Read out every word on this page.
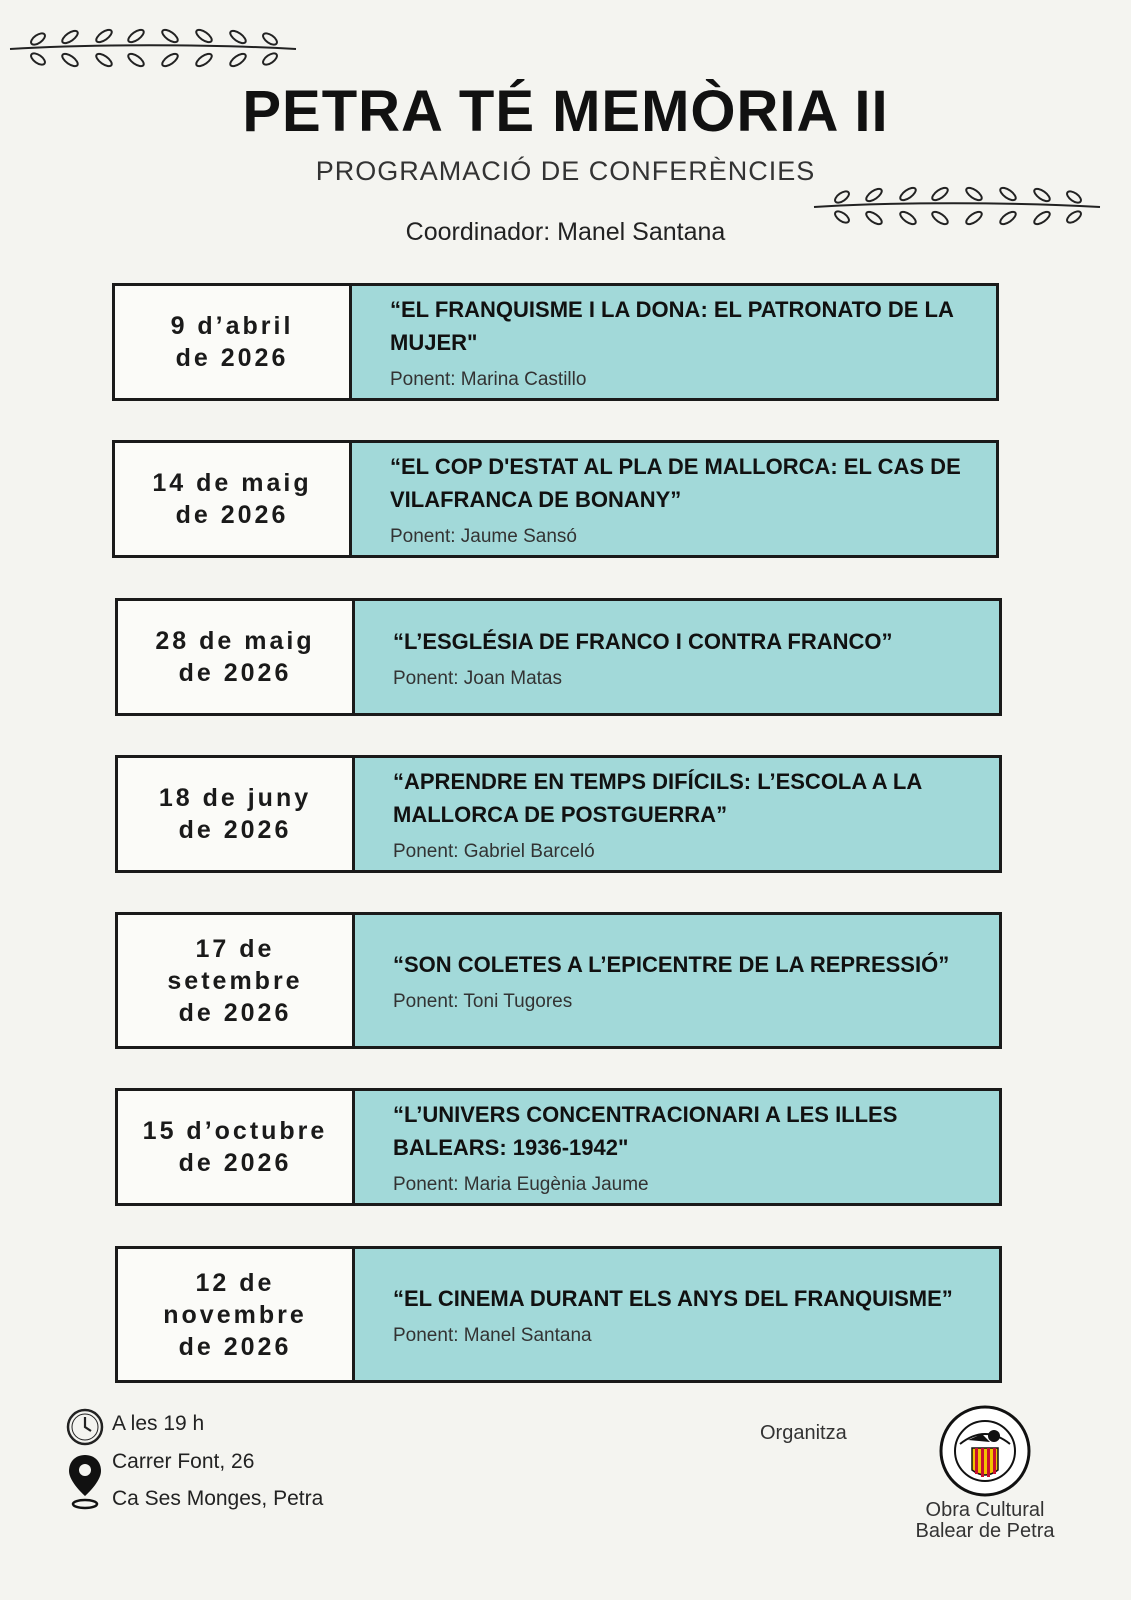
PETRA TÉ MEMÒRIA II
PROGRAMACIÓ DE CONFERÈNCIES
Coordinador: Manel Santana
9 d’abril
de 2026
“EL FRANQUISME I LA DONA: EL PATRONATO DE LA MUJER"
Ponent: Marina Castillo
14 de maig
de 2026
“EL COP D'ESTAT AL PLA DE MALLORCA: EL CAS DE VILAFRANCA DE BONANY”
Ponent: Jaume Sansó
28 de maig
de 2026
“L’ESGLÉSIA DE FRANCO I CONTRA FRANCO”
Ponent: Joan Matas
18 de juny
de 2026
“APRENDRE EN TEMPS DIFÍCILS: L’ESCOLA A LA MALLORCA DE POSTGUERRA”
Ponent: Gabriel Barceló
17 de
setembre
de 2026
“SON COLETES A L’EPICENTRE DE LA REPRESSIÓ”
Ponent: Toni Tugores
15 d’octubre
de 2026
“L’UNIVERS CONCENTRACIONARI A LES ILLES BALEARS: 1936-1942"
Ponent: Maria Eugènia Jaume
12 de
novembre
de 2026
“EL CINEMA DURANT ELS ANYS DEL FRANQUISME”
Ponent: Manel Santana
A les 19 h
Carrer Font, 26
Ca Ses Monges, Petra
Organitza
Obra Cultural
Balear de Petra
